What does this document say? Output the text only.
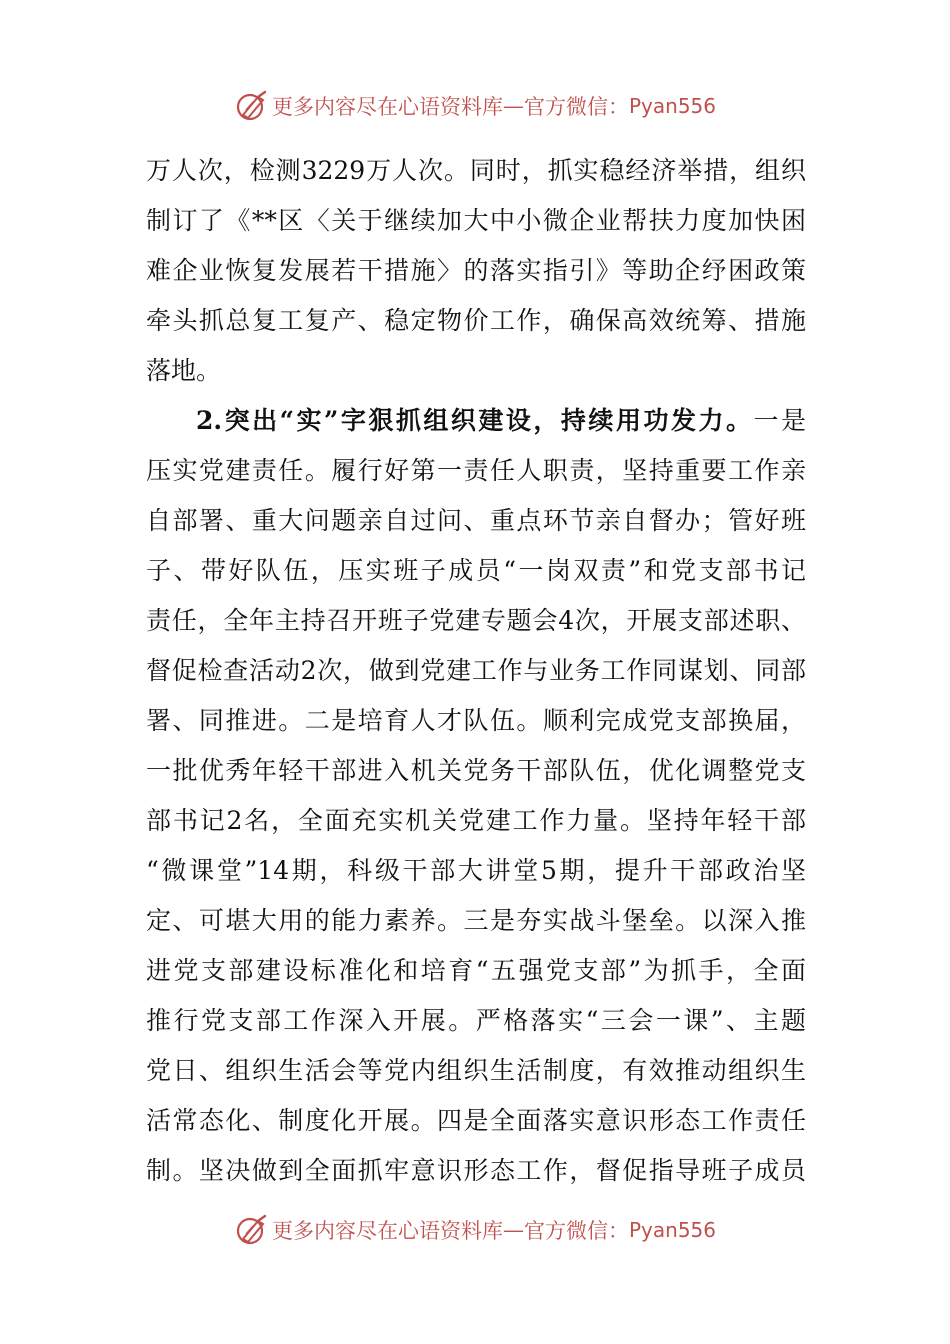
更多内容尽在心语资料库 — 官方微信： Pyan556
万人次，检测3229万人次。同时，抓实稳经济举措，组织
制订了《**区〈关于继续加大中小微企业帮扶力度加快困
难企业恢复发展若干措施〉的落实指引》等助企纾困政策
牵头抓总复工复产、稳定物价工作，确保高效统筹、措施
落地。
2.突出“实”字狠抓组织建设，持续用功发力。一是
压实党建责任。履行好第一责任人职责，坚持重要工作亲
自部署、重大问题亲自过问、重点环节亲自督办；管好班
子、带好队伍，压实班子成员“一岗双责”和党支部书记
责任，全年主持召开班子党建专题会4次，开展支部述职、
督促检查活动2次，做到党建工作与业务工作同谋划、同部
署、同推进。二是培育人才队伍。顺利完成党支部换届，
一批优秀年轻干部进入机关党务干部队伍，优化调整党支
部书记2名，全面充实机关党建工作力量。坚持年轻干部
“微课堂”14期，科级干部大讲堂5期，提升干部政治坚
定、可堪大用的能力素养。三是夯实战斗堡垒。以深入推
进党支部建设标准化和培育“五强党支部”为抓手，全面
推行党支部工作深入开展。严格落实“三会一课”、主题
党日、组织生活会等党内组织生活制度，有效推动组织生
活常态化、制度化开展。四是全面落实意识形态工作责任
制。坚决做到全面抓牢意识形态工作，督促指导班子成员
更多内容尽在心语资料库 — 官方微信： Pyan556
